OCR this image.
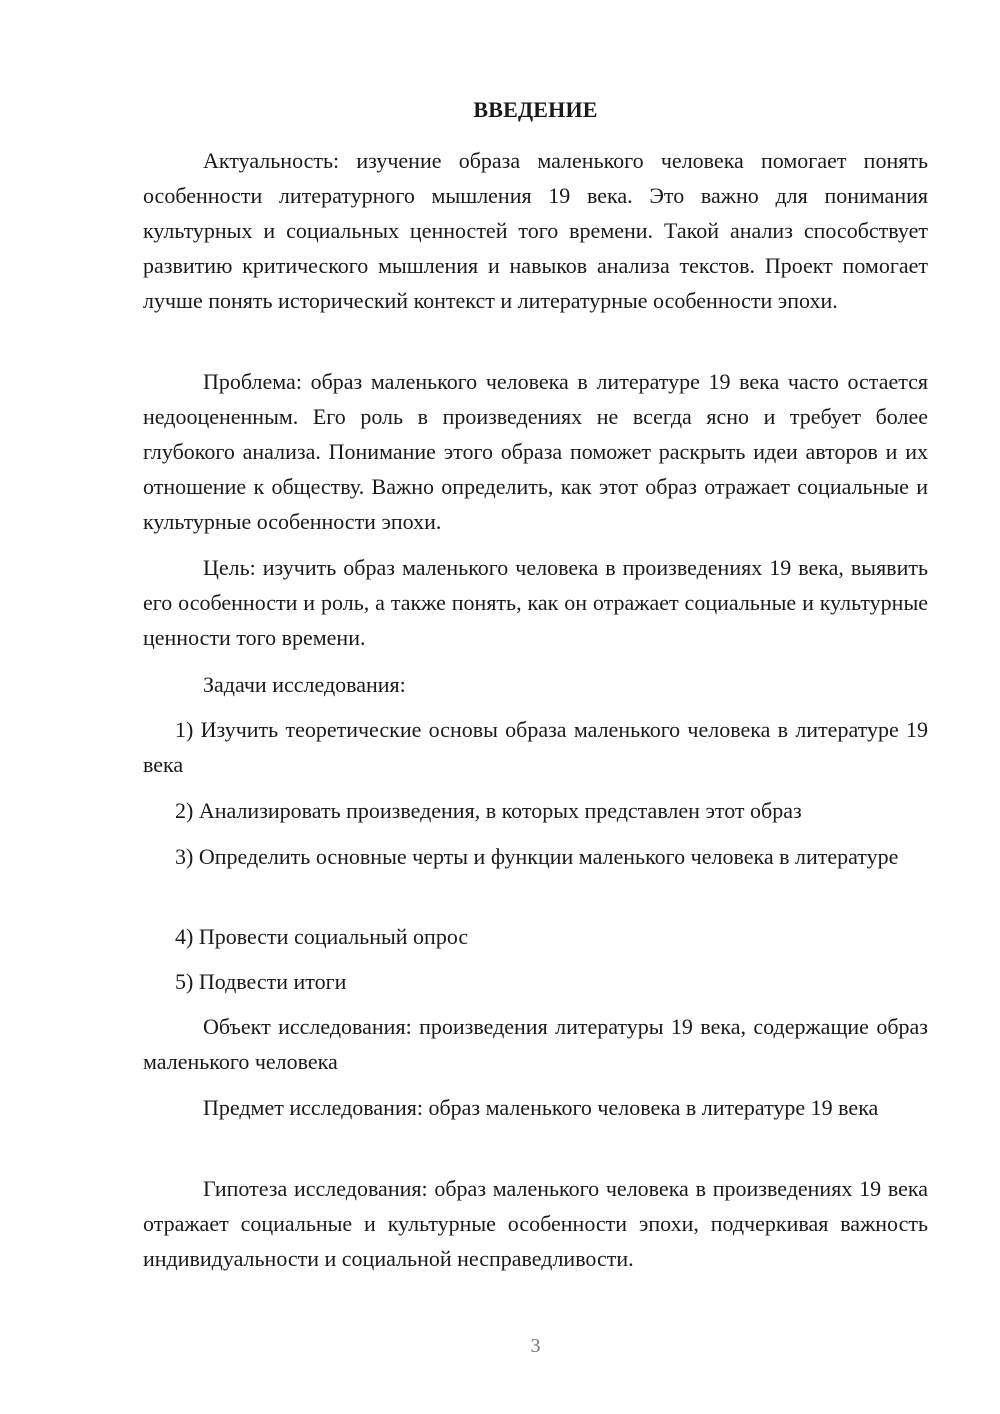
ВВЕДЕНИЕ
Актуальность: изучение образа маленького человека помогает понять особенности литературного мышления 19 века. Это важно для понимания культурных и социальных ценностей того времени. Такой анализ способствует развитию критического мышления и навыков анализа текстов. Проект помогает лучше понять исторический контекст и литературные особенности эпохи.
Проблема: образ маленького человека в литературе 19 века часто остается недооцененным. Его роль в произведениях не всегда ясно и требует более глубокого анализа. Понимание этого образа поможет раскрыть идеи авторов и их отношение к обществу. Важно определить, как этот образ отражает социальные и культурные особенности эпохи.
Цель: изучить образ маленького человека в произведениях 19 века, выявить его особенности и роль, а также понять, как он отражает социальные и культурные ценности того времени.
Задачи исследования:
1) Изучить теоретические основы образа маленького человека в литературе 19 века
2) Анализировать произведения, в которых представлен этот образ
3) Определить основные черты и функции маленького человека в литературе
4) Провести социальный опрос
5) Подвести итоги
Объект исследования: произведения литературы 19 века, содержащие образ маленького человека
Предмет исследования: образ маленького человека в литературе 19 века
Гипотеза исследования: образ маленького человека в произведениях 19 века отражает социальные и культурные особенности эпохи, подчеркивая важность индивидуальности и социальной несправедливости.
3
